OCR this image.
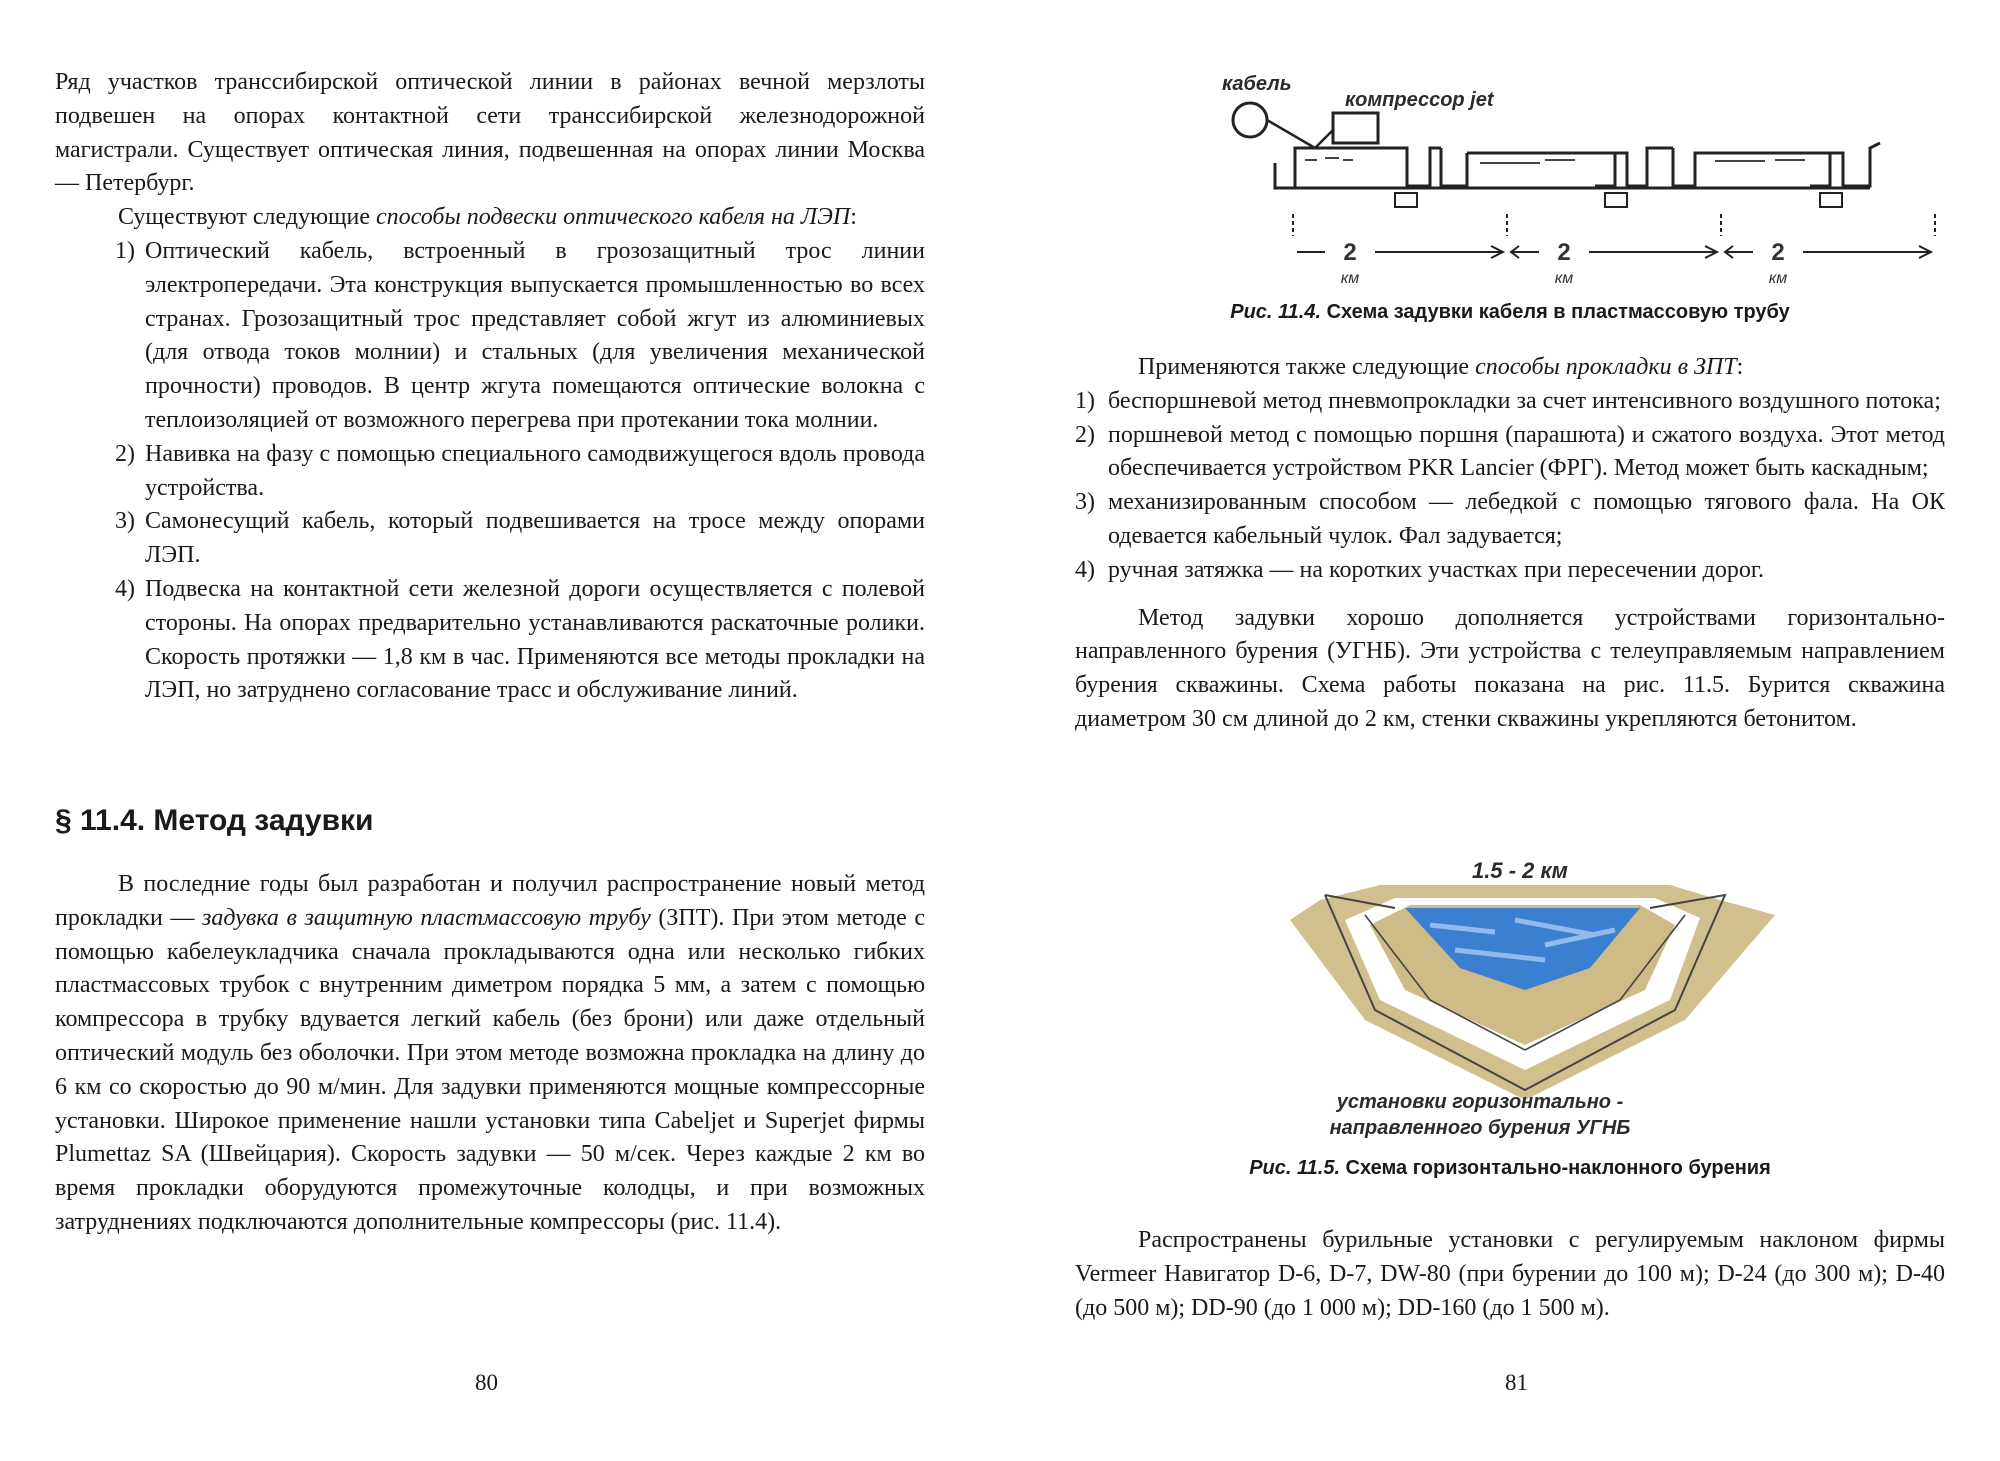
Ряд участков транссибирской оптической линии в районах вечной мерзлоты подвешен на опорах контактной сети транссибирской железнодорожной магистрали. Существует оптическая линия, подвешенная на опорах линии Москва — Петербург.

Существуют следующие способы подвески оптического кабеля на ЛЭП:

1) Оптический кабель, встроенный в грозозащитный трос линии электропередачи. Эта конструкция выпускается промышленностью во всех странах. Грозозащитный трос представляет собой жгут из алюминиевых (для отвода токов молнии) и стальных (для увеличения механической прочности) проводов. В центр жгута помещаются оптические волокна с теплоизоляцией от возможного перегрева при протекании тока молнии.
2) Навивка на фазу с помощью специального самодвижущегося вдоль провода устройства.
3) Самонесущий кабель, который подвешивается на тросе между опорами ЛЭП.
4) Подвеска на контактной сети железной дороги осуществляется с полевой стороны. На опорах предварительно устанавливаются раскаточные ролики. Скорость протяжки — 1,8 км в час. Применяются все методы прокладки на ЛЭП, но затруднено согласование трасс и обслуживание линий.
§ 11.4. Метод задувки

В последние годы был разработан и получил распространение новый метод прокладки — задувка в защитную пластмассовую трубу (ЗПТ). При этом методе с помощью кабелеукладчика сначала прокладываются одна или несколько гибких пластмассовых трубок с внутренним диметром порядка 5 мм, а затем с помощью компрессора в трубку вдувается легкий кабель (без брони) или даже отдельный оптический модуль без оболочки. При этом методе возможна прокладка на длину до 6 км со скоростью до 90 м/мин. Для задувки применяются мощные компрессорные установки. Широкое применение нашли установки типа Cabeljet и Superjet фирмы Plumettaz SA (Швейцария). Скорость задувки — 50 м/сек. Через каждые 2 км во время прокладки оборудуются промежуточные колодцы, и при возможных затруднениях подключаются дополнительные компрессоры (рис. 11.4).

80
кабель
компрессор jet
2	2	2
км	км	км

Рис. 11.4. Схема задувки кабеля в пластмассовую трубу

Применяются также следующие способы прокладки в ЗПТ:

1) беспоршневой метод пневмопрокладки за счет интенсивного воздушного потока;
2) поршневой метод с помощью поршня (парашюта) и сжатого воздуха. Этот метод обеспечивается устройством PKR Lancier (ФРГ). Метод может быть каскадным;
3) механизированным способом — лебедкой с помощью тягового фала. На ОК одевается кабельный чулок. Фал задувается;
4) ручная затяжка — на коротких участках при пересечении дорог.

Метод задувки хорошо дополняется устройствами горизонтально-направленного бурения (УГНБ). Эти устройства с телеуправляемым направлением бурения скважины. Схема работы показана на рис. 11.5. Бурится скважина диаметром 30 см длиной до 2 км, стенки скважины укрепляются бетонитом.

1.5 - 2 км
установки горизонтально -
направленного бурения УГНБ

Рис. 11.5. Схема горизонтально-наклонного бурения

Распространены бурильные установки с регулируемым наклоном фирмы Vermeer Навигатор D-6, D-7, DW-80 (при бурении до 100 м); D-24 (до 300 м); D-40 (до 500 м); DD-90 (до 1 000 м); DD-160 (до 1 500 м).

81
